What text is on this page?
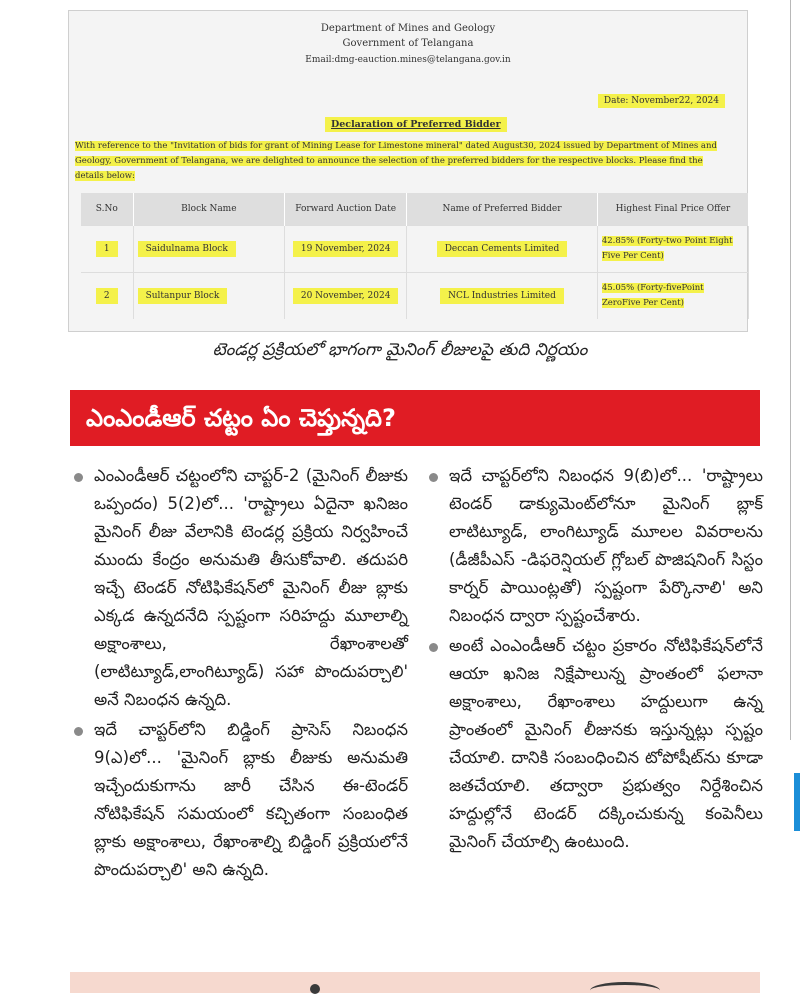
Department of Mines and Geology
Government of Telangana
Email:dmg-eauction.mines@telangana.gov.in
Date: November22, 2024
Declaration of Preferred Bidder
With reference to the "Invitation of bids for grant of Mining Lease for Limestone mineral" dated August30, 2024 issued by Department of Mines and Geology, Government of Telangana, we are delighted to announce the selection of the preferred bidders for the respective blocks. Please find the details below:
S.No	Block Name	Forward Auction Date	Name of Preferred Bidder	Highest Final Price Offer
1	Saidulnama Block	19 November, 2024	Deccan Cements Limited	42.85% (Forty-two Point Eight Five Per Cent)
2	Sultanpur Block	20 November, 2024	NCL Industries Limited	45.05% (Forty-fivePoint ZeroFive Per Cent)
టెండర్ల ప్రక్రియలో భాగంగా మైనింగ్ లీజులపై తుది నిర్ణయం
ఎంఎండీఆర్ చట్టం ఏం చెప్తున్నది?
ఎంఎండీఆర్ చట్టంలోని చాప్టర్-2 (మైనింగ్ లీజుకు ఒప్పందం) 5(2)లో... 'రాష్ట్రాలు ఏదైనా ఖనిజం మైనింగ్ లీజు వేలానికి టెండర్ల ప్రక్రియ నిర్వహించే ముందు కేంద్రం అనుమతి తీసుకోవాలి. తదుపరి ఇచ్చే టెండర్ నోటిఫికేషన్‌లో మైనింగ్ లీజు బ్లాకు ఎక్కడ ఉన్నదనేది స్పష్టంగా సరిహద్దు మూలాల్ని అక్షాంశాలు, రేఖాంశాలతో (లాటిట్యూడ్,లాంగిట్యూడ్) సహా పొందుపర్చాలి' అనే నిబంధన ఉన్నది.
ఇదే చాప్టర్‌లోని బిడ్డింగ్ ప్రాసెస్ నిబంధన 9(ఎ)లో... 'మైనింగ్ బ్లాకు లీజుకు అనుమతి ఇచ్చేందుకుగాను జారీ చేసిన ఈ-టెండర్ నోటిఫికేషన్ సమయంలో కచ్చితంగా సంబంధిత బ్లాకు అక్షాంశాలు, రేఖాంశాల్ని బిడ్డింగ్ ప్రక్రియలోనే పొందుపర్చాలి' అని ఉన్నది.
ఇదే చాప్టర్‌లోని నిబంధన 9(బి)లో... 'రాష్ట్రాలు టెండర్ డాక్యుమెంట్‌లోనూ మైనింగ్ బ్లాక్ లాటిట్యూడ్, లాంగిట్యూడ్ మూలల వివరాలను (డీజీపీఎస్ -డిఫరెన్షియల్ గ్లోబల్ పొజిషనింగ్ సిస్టం కార్నర్ పాయింట్లతో) స్పష్టంగా పేర్కొనాలి' అని నిబంధన ద్వారా స్పష్టంచేశారు.
అంటే ఎంఎండీఆర్ చట్టం ప్రకారం నోటిఫికేషన్‌లోనే ఆయా ఖనిజ నిక్షేపాలున్న ప్రాంతంలో ఫలానా అక్షాంశాలు, రేఖాంశాలు హద్దులుగా ఉన్న ప్రాంతంలో మైనింగ్ లీజునకు ఇస్తున్నట్లు స్పష్టం చేయాలి. దానికి సంబంధించిన టోపోషీట్‌ను కూడా జతచేయాలి. తద్వారా ప్రభుత్వం నిర్దేశించిన హద్దుల్లోనే టెండర్ దక్కించుకున్న కంపెనీలు మైనింగ్ చేయాల్సి ఉంటుంది.
